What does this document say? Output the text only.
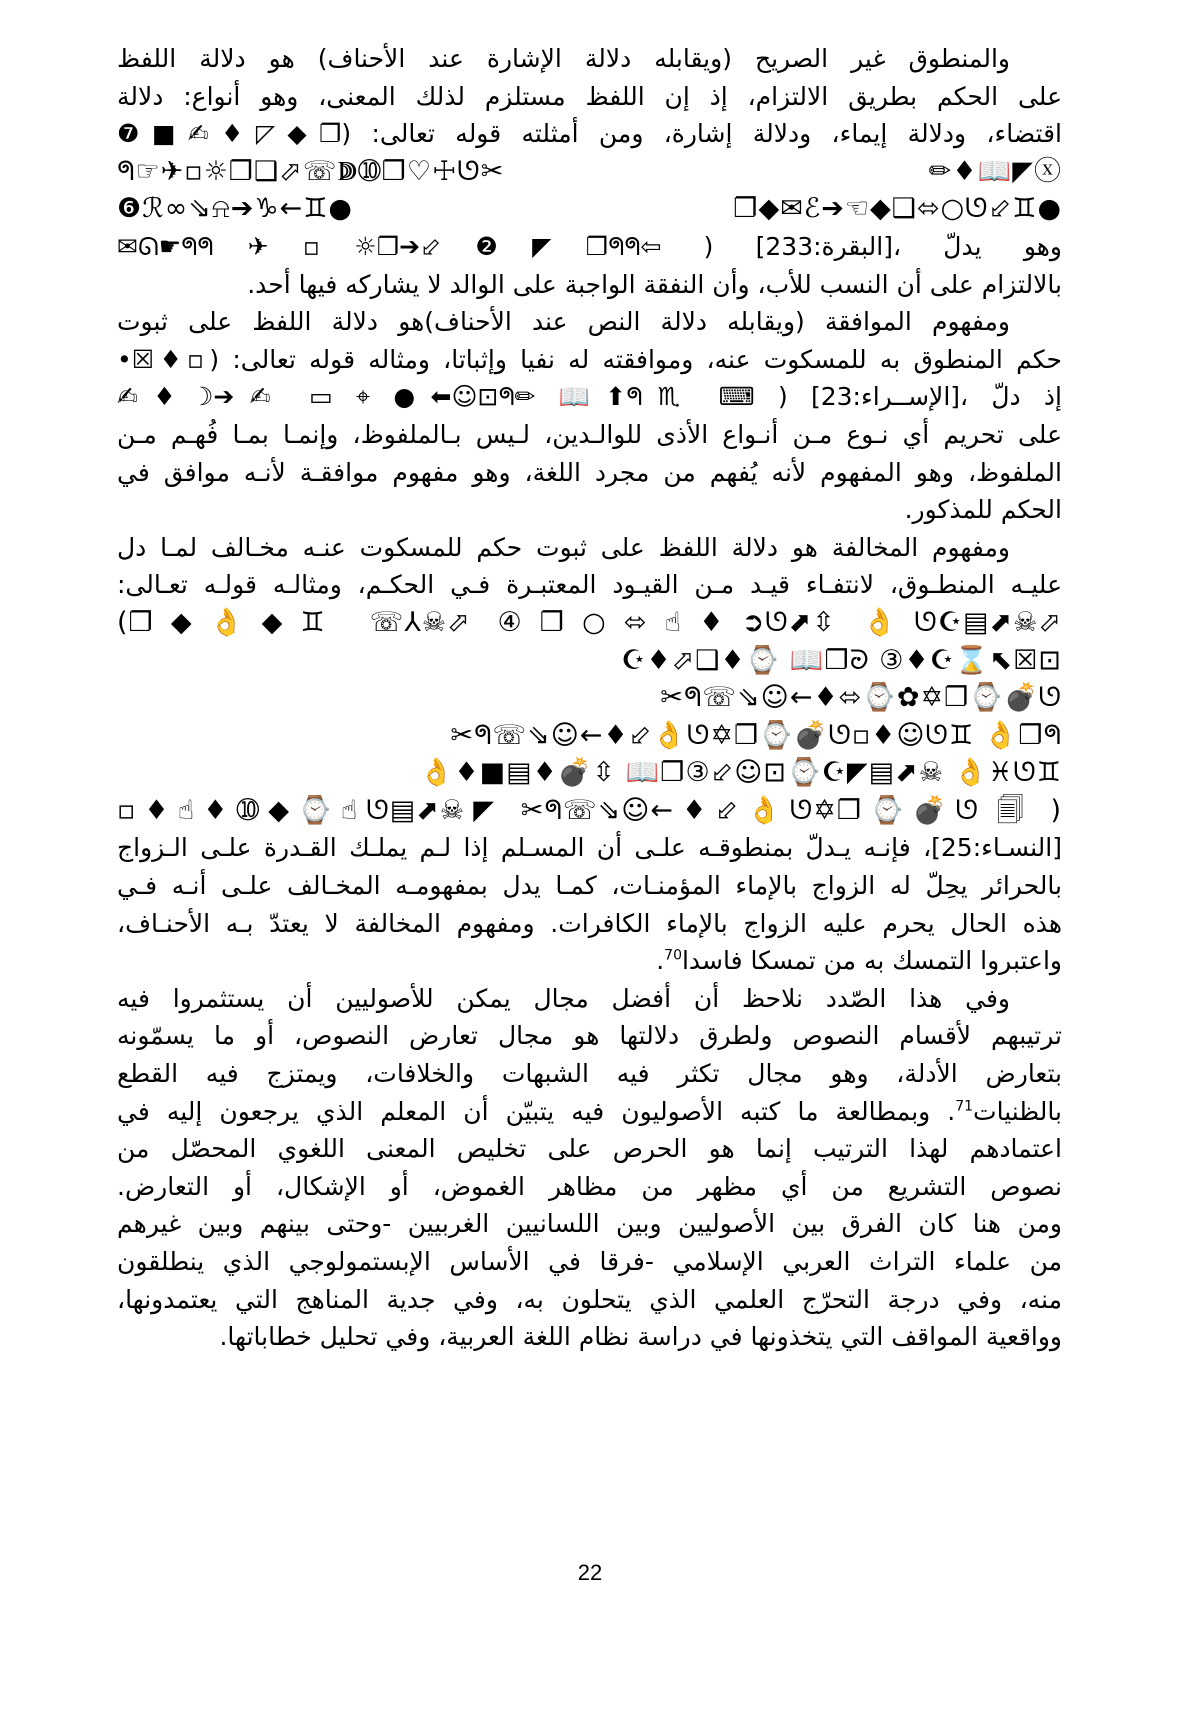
والمنطوق غير الصريح (ويقابله دلالة الإشارة عند الأحناف) هو دلالة اللفظ
على الحكم بطريق الالتزام، إذ إن اللفظ مستلزم لذلك المعنى، وهو أنواع: دلالة
اقتضاء، ودلالة إيماء، ودلالة إشارة، ومن أمثلته قوله تعالى: (❐◆◸♦✍■❼
ⓧ◤📖♦✏
✂ᖗ☞✈▫☼❐❑⬀☏ↇ➉❐♡☩ᘎ
●♊⬃ℰ➔☜◆❑⬄○ᘎ✉◆❐
●♊←♑➔⍾⇘∞ℛ❻
✉ᘏ☛ᖗᖗ✈▫☼❐➔⬃❷◤❐ᖗᖗ⇦ ) [البقرة:233]، وهو يدلّ
بالالتزام على أن النسب للأب، وأن النفقة الواجبة على الوالد لا يشاركه فيها أحد.
ومفهوم الموافقة (ويقابله دلالة النص عند الأحناف)هو دلالة اللفظ على ثبوت
حكم المنطوق به للمسكوت عنه، وموافقته له نفيا وإثباتا، ومثاله قوله تعالى: (▫♦☒•
✍♦☽➔✍ ▭ ⌖ ●⬅☺⊡ᖗ✏ 📖⬆ᖗ♏ ⌨ ) [الإســراء:23]، إذ دلّ
على تحريم أي نـوع مـن أنـواع الأذى للوالـدين، لـيس بـالملفوظ، وإنمـا بمـا فُهـم مـن
الملفوظ، وهو المفهوم لأنه يُفهم من مجرد اللغة، وهو مفهوم موافقـة لأنـه موافق في
الحكم للمذكور.
ومفهوم المخالفة هو دلالة اللفظ على ثبوت حكم للمسكوت عنـه مخـالف لمـا دل
عليـه المنطـوق، لانتفـاء قيـد مـن القيـود المعتبـرة فـي الحكـم، ومثالـه قولـه تعـالى:
(❐◆👌◆♊ ☏⅄☠⬀ ④❐○⬄☝♦➲ᘎ⬈⇳ 👌ᘎ☪▤⬈☠⬀
☪♦⬀❑♦⌚ 📖❐ᘒ ③♦☪⌛⬉☒⊡
✂ᖗ☏⇘☺←♦⬄⌚✿✡❐⌚💣ᘎ
✂ᖗ☏⇘☺←♦⬃👌ᘎ✡❐⌚💣ᘎ▫♦☺ᘎ♊ 👌❐ᖗ
👌♦■▤♦💣⇳ 📖❐③⬃☺⊡⌚☪◤▤⬈☠ 👌♓ᘎ♊
▫♦☝♦➉◆⌚☝ᘎ▤⬈☠◤ ✂ᖗ☏⇘☺←♦⬃👌ᘎ✡❐⌚💣ᘎ 🗐 )
[النسـاء:25]، فإنـه يـدلّ بمنطوقـه علـى أن المسـلم إذا لـم يملـك القـدرة علـى الـزواج
بالحرائر يحِلّ له الزواج بالإماء المؤمنـات، كمـا يدل بمفهومـه المخـالف علـى أنـه فـي
هذه الحال يحرم عليه الزواج بالإماء الكافرات. ومفهوم المخالفة لا يعتدّ بـه الأحنـاف،
واعتبروا التمسك به من تمسكا فاسدا$^{70}$.
وفي هذا الصّدد نلاحظ أن أفضل مجال يمكن للأصوليين أن يستثمروا فيه
ترتيبهم لأقسام النصوص ولطرق دلالتها هو مجال تعارض النصوص، أو ما يسمّونه
بتعارض الأدلة، وهو مجال تكثر فيه الشبهات والخلافات، ويمتزج فيه القطع
بالظنيات$^{71}$. وبمطالعة ما كتبه الأصوليون فيه يتبيّن أن المعلم الذي يرجعون إليه في
اعتمادهم لهذا الترتيب إنما هو الحرص على تخليص المعنى اللغوي المحصّل من
نصوص التشريع من أي مظهر من مظاهر الغموض، أو الإشكال، أو التعارض.
ومن هنا كان الفرق بين الأصوليين وبين اللسانيين الغربيين -وحتى بينهم وبين غيرهم
من علماء التراث العربي الإسلامي -فرقا في الأساس الإبستمولوجي الذي ينطلقون
منه، وفي درجة التحرّج العلمي الذي يتحلون به، وفي جدية المناهج التي يعتمدونها،
وواقعية المواقف التي يتخذونها في دراسة نظام اللغة العربية، وفي تحليل خطاباتها.
22
